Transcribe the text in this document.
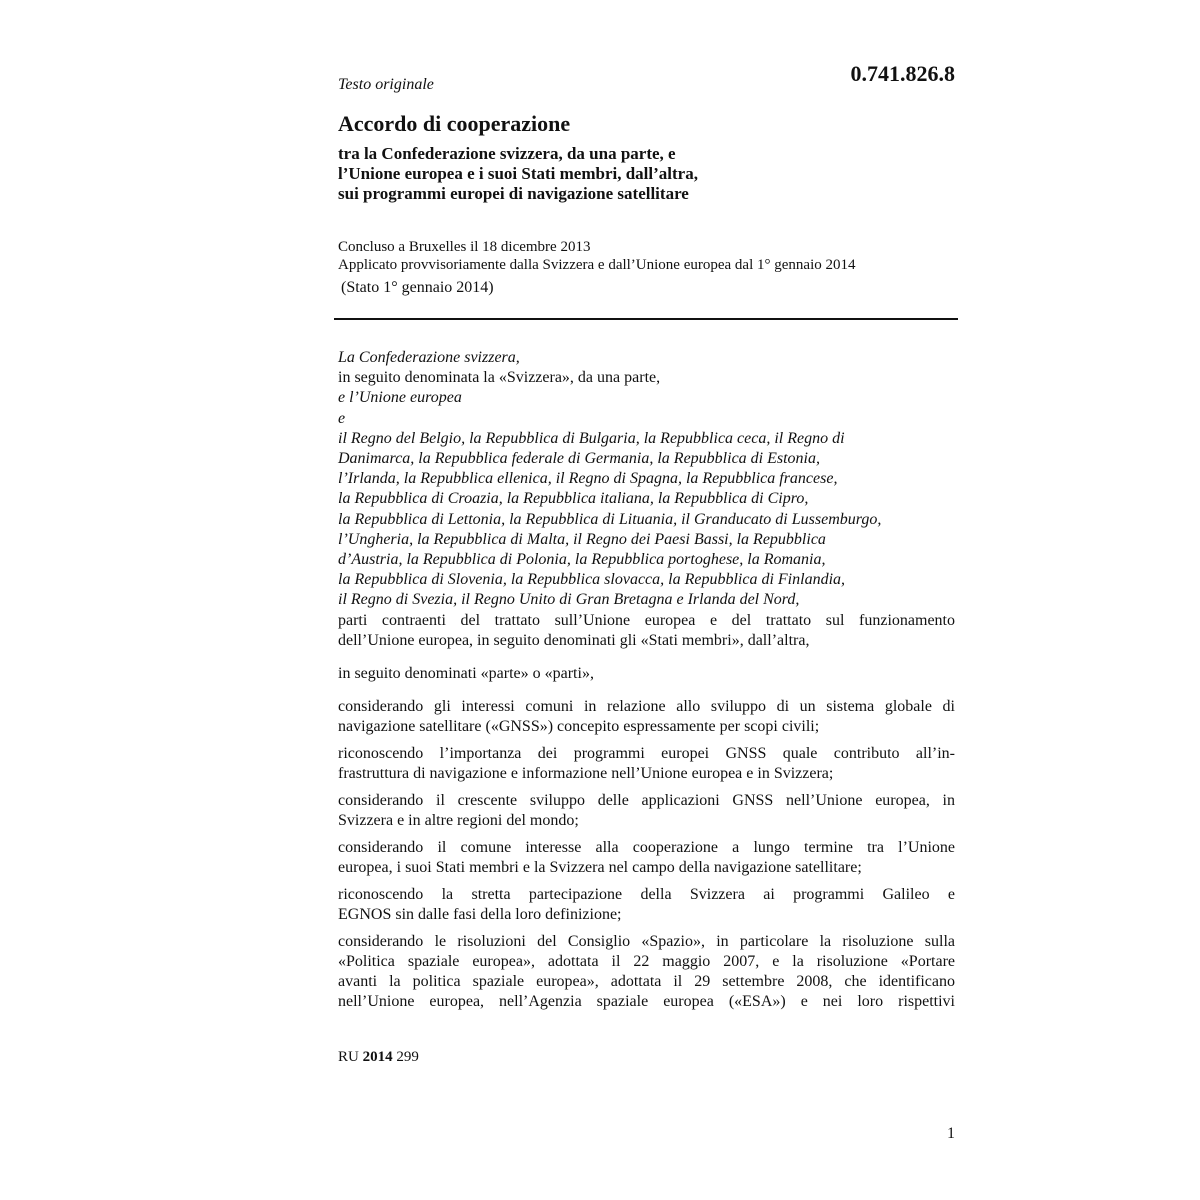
0.741.826.8
Testo originale
Accordo di cooperazione
tra la Confederazione svizzera, da una parte, e
l’Unione europea e i suoi Stati membri, dall’altra,
sui programmi europei di navigazione satellitare
Concluso a Bruxelles il 18 dicembre 2013
Applicato provvisoriamente dalla Svizzera e dall’Unione europea dal 1° gennaio 2014
(Stato 1° gennaio 2014)
La Confederazione svizzera,
in seguito denominata la «Svizzera», da una parte,
e l’Unione europea
e
il Regno del Belgio, la Repubblica di Bulgaria, la Repubblica ceca, il Regno di
Danimarca, la Repubblica federale di Germania, la Repubblica di Estonia,
l’Irlanda, la Repubblica ellenica, il Regno di Spagna, la Repubblica francese,
la Repubblica di Croazia, la Repubblica italiana, la Repubblica di Cipro,
la Repubblica di Lettonia, la Repubblica di Lituania, il Granducato di Lussemburgo,
l’Ungheria, la Repubblica di Malta, il Regno dei Paesi Bassi, la Repubblica
d’Austria, la Repubblica di Polonia, la Repubblica portoghese, la Romania,
la Repubblica di Slovenia, la Repubblica slovacca, la Repubblica di Finlandia,
il Regno di Svezia, il Regno Unito di Gran Bretagna e Irlanda del Nord,
parti contraenti del trattato sull’Unione europea e del trattato sul funzionamento
dell’Unione europea, in seguito denominati gli «Stati membri», dall’altra,
in seguito denominati «parte» o «parti»,
considerando gli interessi comuni in relazione allo sviluppo di un sistema globale di
navigazione satellitare («GNSS») concepito espressamente per scopi civili;
riconoscendo l’importanza dei programmi europei GNSS quale contributo all’in-
frastruttura di navigazione e informazione nell’Unione europea e in Svizzera;
considerando il crescente sviluppo delle applicazioni GNSS nell’Unione europea, in
Svizzera e in altre regioni del mondo;
considerando il comune interesse alla cooperazione a lungo termine tra l’Unione
europea, i suoi Stati membri e la Svizzera nel campo della navigazione satellitare;
riconoscendo la stretta partecipazione della Svizzera ai programmi Galileo e
EGNOS sin dalle fasi della loro definizione;
considerando le risoluzioni del Consiglio «Spazio», in particolare la risoluzione sulla
«Politica spaziale europea», adottata il 22 maggio 2007, e la risoluzione «Portare
avanti la politica spaziale europea», adottata il 29 settembre 2008, che identificano
nell’Unione europea, nell’Agenzia spaziale europea («ESA») e nei loro rispettivi
RU 2014 299
1
